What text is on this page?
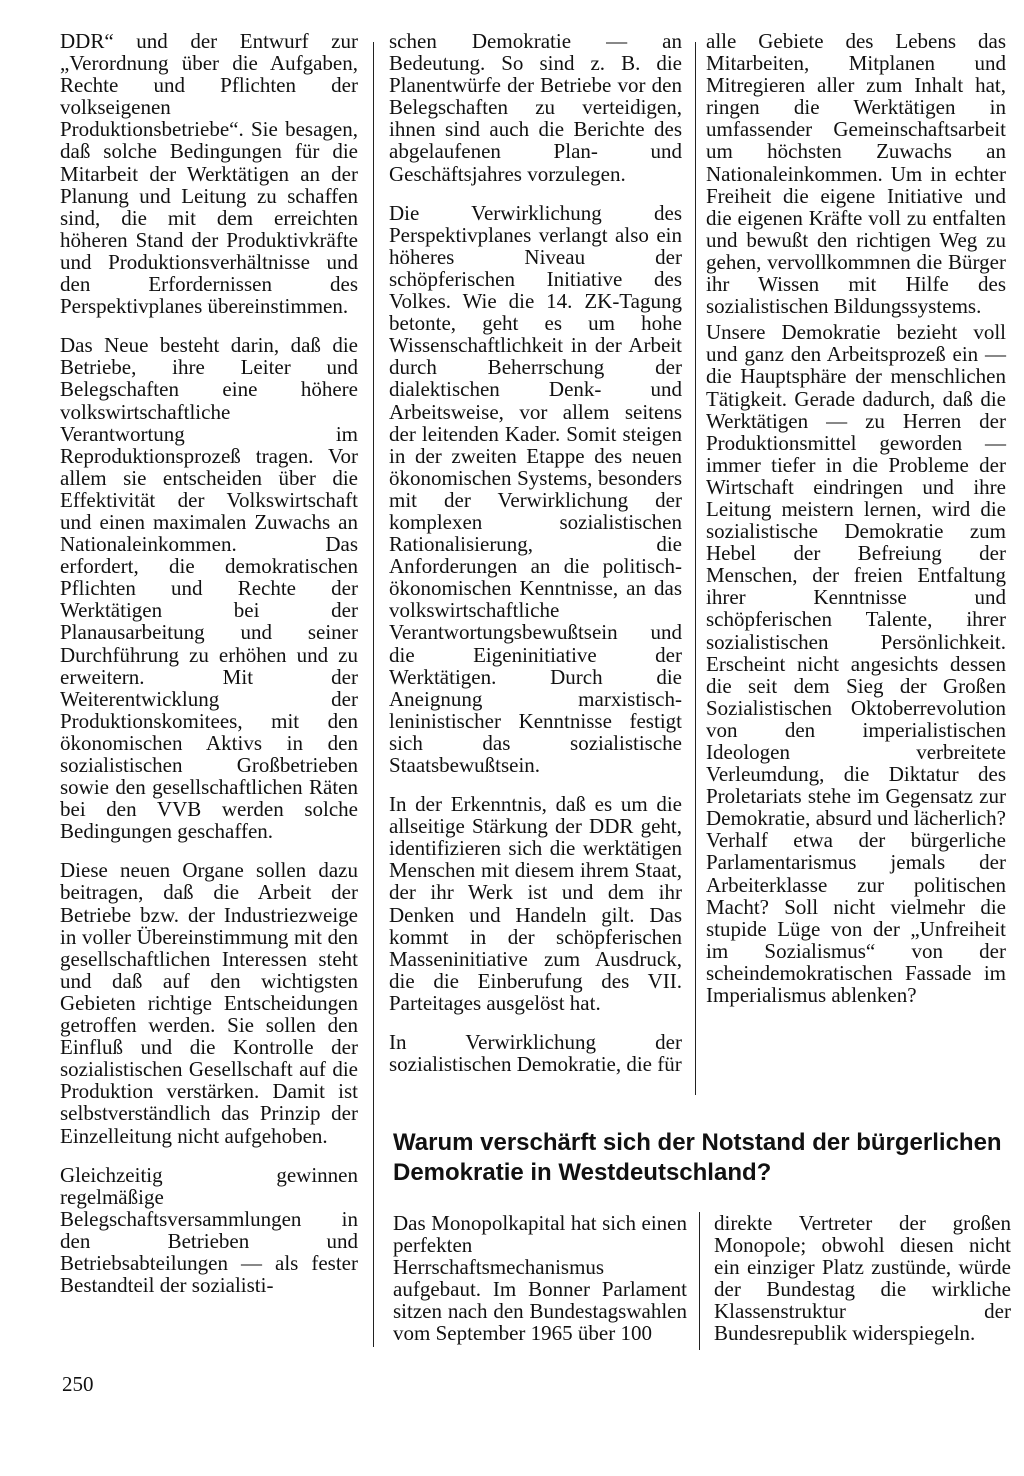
DDR“ und der Entwurf zur „Verordnung über die Aufgaben, Rechte und Pflichten der volkseigenen Produktionsbetriebe“. Sie besagen, daß solche Bedingungen für die Mitarbeit der Werktätigen an der Planung und Leitung zu schaffen sind, die mit dem erreichten höheren Stand der Produktivkräfte und Produktionsverhältnisse und den Erfordernissen des Perspektivplanes übereinstimmen.

Das Neue besteht darin, daß die Betriebe, ihre Leiter und Belegschaften eine höhere volkswirtschaftliche Verantwortung im Reproduktionsprozeß tragen. Vor allem sie entscheiden über die Effektivität der Volkswirtschaft und einen maximalen Zuwachs an Nationaleinkommen. Das erfordert, die demokratischen Pflichten und Rechte der Werktätigen bei der Planausarbeitung und seiner Durchführung zu erhöhen und zu erweitern. Mit der Weiterentwicklung der Produktionskomitees, mit den ökonomischen Aktivs in den sozialistischen Großbetrieben sowie den gesellschaftlichen Räten bei den VVB werden solche Bedingungen geschaffen.

Diese neuen Organe sollen dazu beitragen, daß die Arbeit der Betriebe bzw. der Industriezweige in voller Übereinstimmung mit den gesellschaftlichen Interessen steht und daß auf den wichtigsten Gebieten richtige Entscheidungen getroffen werden. Sie sollen den Einfluß und die Kontrolle der sozialistischen Gesellschaft auf die Produktion verstärken. Damit ist selbstverständlich das Prinzip der Einzelleitung nicht aufgehoben.

Gleichzeitig gewinnen regelmäßige Belegschaftsversammlungen in den Betrieben und Betriebsabteilungen — als fester Bestandteil der sozialisti-

schen Demokratie — an Bedeutung. So sind z. B. die Planentwürfe der Betriebe vor den Belegschaften zu verteidigen, ihnen sind auch die Berichte des abgelaufenen Plan- und Geschäftsjahres vorzulegen.

Die Verwirklichung des Perspektivplanes verlangt also ein höheres Niveau der schöpferischen Initiative des Volkes. Wie die 14. ZK-Tagung betonte, geht es um hohe Wissenschaftlichkeit in der Arbeit durch Beherrschung der dialektischen Denk- und Arbeitsweise, vor allem seitens der leitenden Kader. Somit steigen in der zweiten Etappe des neuen ökonomischen Systems, besonders mit der Verwirklichung der komplexen sozialistischen Rationalisierung, die Anforderungen an die politisch-ökonomischen Kenntnisse, an das volkswirtschaftliche Verantwortungsbewußtsein und die Eigeninitiative der Werktätigen. Durch die Aneignung marxistisch-leninistischer Kenntnisse festigt sich das sozialistische Staatsbewußtsein.

In der Erkenntnis, daß es um die allseitige Stärkung der DDR geht, identifizieren sich die werktätigen Menschen mit diesem ihrem Staat, der ihr Werk ist und dem ihr Denken und Handeln gilt. Das kommt in der schöpferischen Masseninitiative zum Ausdruck, die die Einberufung des VII. Parteitages ausgelöst hat.

In Verwirklichung der sozialistischen Demokratie, die für

alle Gebiete des Lebens das Mitarbeiten, Mitplanen und Mitregieren aller zum Inhalt hat, ringen die Werktätigen in umfassender Gemeinschaftsarbeit um höchsten Zuwachs an Nationaleinkommen. Um in echter Freiheit die eigene Initiative und die eigenen Kräfte voll zu entfalten und bewußt den richtigen Weg zu gehen, vervollkommnen die Bürger ihr Wissen mit Hilfe des sozialistischen Bildungssystems.

Unsere Demokratie bezieht voll und ganz den Arbeitsprozeß ein — die Hauptsphäre der menschlichen Tätigkeit. Gerade dadurch, daß die Werktätigen — zu Herren der Produktionsmittel geworden — immer tiefer in die Probleme der Wirtschaft eindringen und ihre Leitung meistern lernen, wird die sozialistische Demokratie zum Hebel der Befreiung der Menschen, der freien Entfaltung ihrer Kenntnisse und schöpferischen Talente, ihrer sozialistischen Persönlichkeit. Erscheint nicht angesichts dessen die seit dem Sieg der Großen Sozialistischen Oktoberrevolution von den imperialistischen Ideologen verbreitete Verleumdung, die Diktatur des Proletariats stehe im Gegensatz zur Demokratie, absurd und lächerlich? Verhalf etwa der bürgerliche Parlamentarismus jemals der Arbeiterklasse zur politischen Macht? Soll nicht vielmehr die stupide Lüge von der „Unfreiheit im Sozialismus“ von der scheindemokratischen Fassade im Imperialismus ablenken?

Warum verschärft sich der Notstand der bürgerlichen Demokratie in Westdeutschland?

Das Monopolkapital hat sich einen perfekten Herrschaftsmechanismus aufgebaut. Im Bonner Parlament sitzen nach den Bundestagswahlen vom September 1965 über 100

direkte Vertreter der großen Monopole; obwohl diesen nicht ein einziger Platz zustünde, würde der Bundestag die wirkliche Klassenstruktur der Bundesrepublik widerspiegeln.

250
